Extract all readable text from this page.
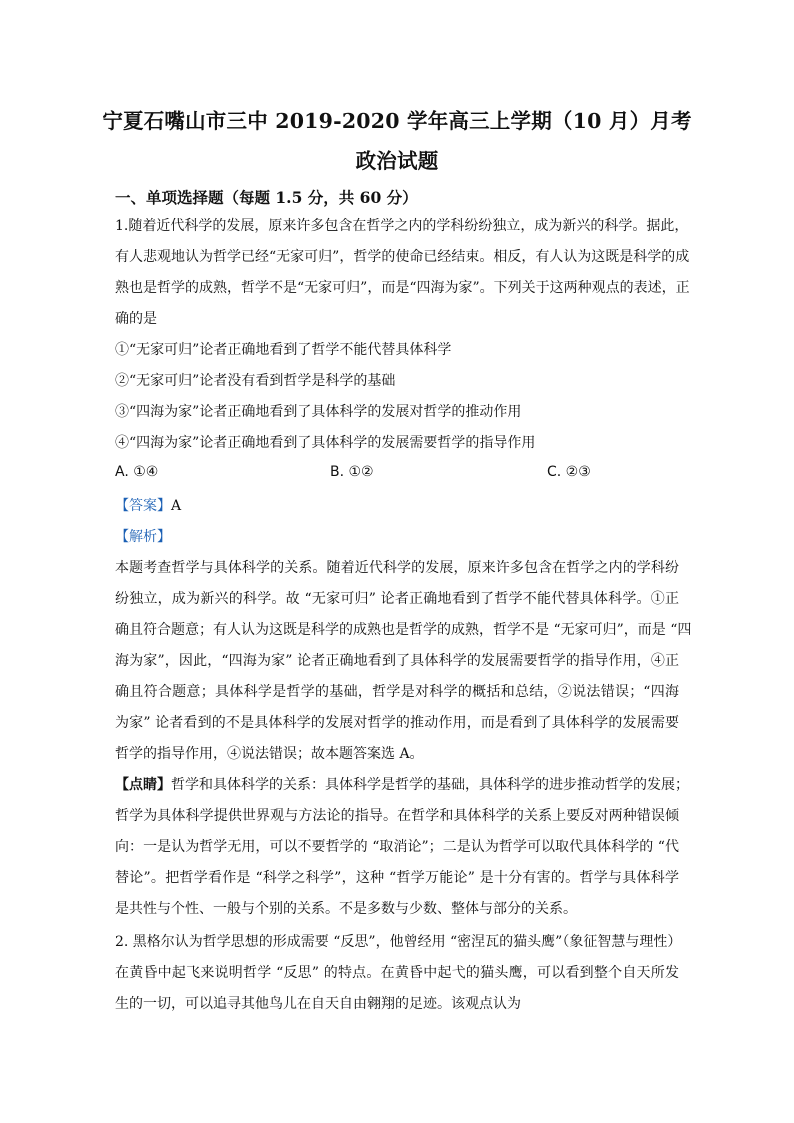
宁夏石嘴山市三中 2019-2020 学年高三上学期（10 月）月考
政治试题
一、单项选择题（每题 1.5 分，共 60 分）
1.随着近代科学的发展，原来许多包含在哲学之内的学科纷纷独立，成为新兴的科学。据此，
有人悲观地认为哲学已经“无家可归”，哲学的使命已经结束。相反，有人认为这既是科学的成
熟也是哲学的成熟，哲学不是“无家可归”，而是“四海为家”。下列关于这两种观点的表述，正
确的是
①“无家可归”论者正确地看到了哲学不能代替具体科学
②“无家可归”论者没有看到哲学是科学的基础
③“四海为家”论者正确地看到了具体科学的发展对哲学的推动作用
④“四海为家”论者正确地看到了具体科学的发展需要哲学的指导作用
A. ①④	B. ①②	C. ②③
【答案】A
【解析】
本题考查哲学与具体科学的关系。随着近代科学的发展，原来许多包含在哲学之内的学科纷
纷独立，成为新兴的科学。故 “无家可归” 论者正确地看到了哲学不能代替具体科学。①正
确且符合题意；有人认为这既是科学的成熟也是哲学的成熟，哲学不是 “无家可归”，而是 “四
海为家”，因此，“四海为家” 论者正确地看到了具体科学的发展需要哲学的指导作用，④正
确且符合题意；具体科学是哲学的基础，哲学是对科学的概括和总结，②说法错误；“四海
为家” 论者看到的不是具体科学的发展对哲学的推动作用，而是看到了具体科学的发展需要
哲学的指导作用，④说法错误；故本题答案选 A。
【点睛】哲学和具体科学的关系：具体科学是哲学的基础，具体科学的进步推动哲学的发展；
哲学为具体科学提供世界观与方法论的指导。在哲学和具体科学的关系上要反对两种错误倾
向：一是认为哲学无用，可以不要哲学的 “取消论”；二是认为哲学可以取代具体科学的 “代
替论”。把哲学看作是 “科学之科学”，这种 “哲学万能论” 是十分有害的。哲学与具体科学
是共性与个性、一般与个别的关系。不是多数与少数、整体与部分的关系。
2. 黑格尔认为哲学思想的形成需要 “反思”，他曾经用 “密涅瓦的猫头鹰”（象征智慧与理性）
在黄昏中起飞来说明哲学 “反思” 的特点。在黄昏中起弋的猫头鹰，可以看到整个自天所发
生的一切，可以追寻其他鸟儿在自天自由翱翔的足迹。该观点认为
